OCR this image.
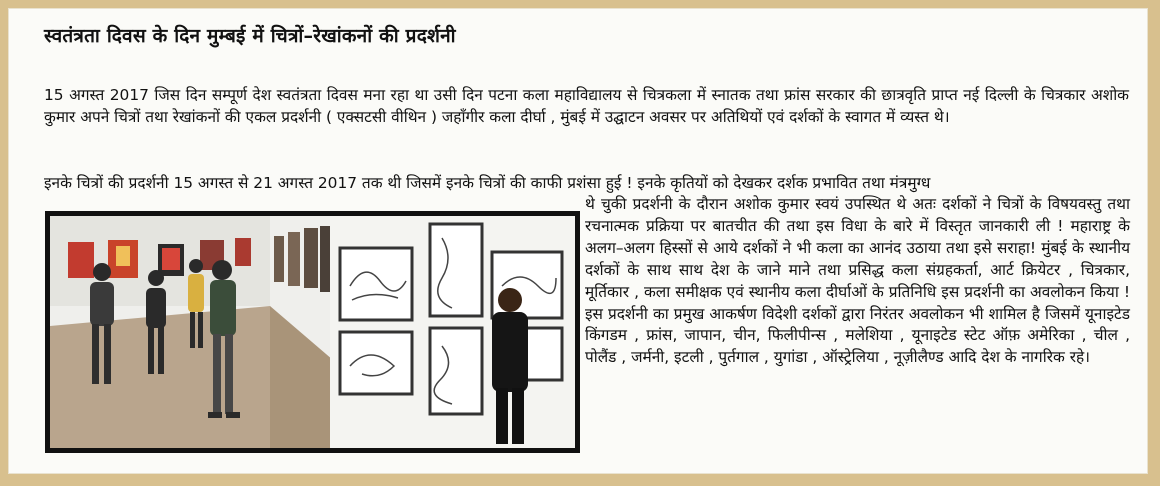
स्वतंत्रता दिवस के दिन मुम्बई में चित्रों–रेखांकनों की प्रदर्शनी
15 अगस्त 2017 जिस दिन सम्पूर्ण देश स्वतंत्रता दिवस मना रहा था उसी दिन पटना कला महाविद्यालय से चित्रकला में स्नातक तथा फ्रांस सरकार की छात्रवृति प्राप्त नई दिल्ली के चित्रकार अशोक कुमार अपने चित्रों तथा रेखांकनों की एकल प्रदर्शनी ( एक्सटसी वीथिन ) जहाँगीर कला दीर्घा , मुंबई में उद्घाटन अवसर पर अतिथियों एवं दर्शकों के स्वागत में व्यस्त थे।
इनके चित्रों की प्रदर्शनी 15 अगस्त से 21 अगस्त 2017 तक थी जिसमें इनके चित्रों की काफी प्रशंसा हुई ! इनके कृतियों को देखकर दर्शक प्रभावित तथा मंत्रमुग्ध
थे चुकी प्रदर्शनी के दौरान अशोक कुमार स्वयं उपस्थित थे अतः दर्शकों ने चित्रों के विषयवस्तु तथा रचनात्मक प्रक्रिया पर बातचीत की तथा इस विधा के बारे में विस्तृत जानकारी ली ! महाराष्ट्र के अलग–अलग हिस्सों से आये दर्शकों ने भी कला का आनंद उठाया तथा इसे सराहा! मुंबई के स्थानीय दर्शकों के साथ साथ देश के जाने माने तथा प्रसिद्ध कला संग्रहकर्ता, आर्ट क्रियेटर , चित्रकार, मूर्तिकार , कला समीक्षक एवं स्थानीय कला दीर्घाओं के प्रतिनिधि इस प्रदर्शनी का अवलोकन किया ! इस प्रदर्शनी का प्रमुख आकर्षण विदेशी दर्शकों द्वारा निरंतर अवलोकन भी शामिल है जिसमें यूनाइटेड किंगडम , फ्रांस, जापान, चीन, फिलीपीन्स , मलेशिया , यूनाइटेड स्टेट ऑफ़ अमेरिका , चील , पोलैंड , जर्मनी, इटली , पुर्तगाल , युगांडा , ऑस्ट्रेलिया , नूज़ीलैण्ड आदि देश के नागरिक रहे।
